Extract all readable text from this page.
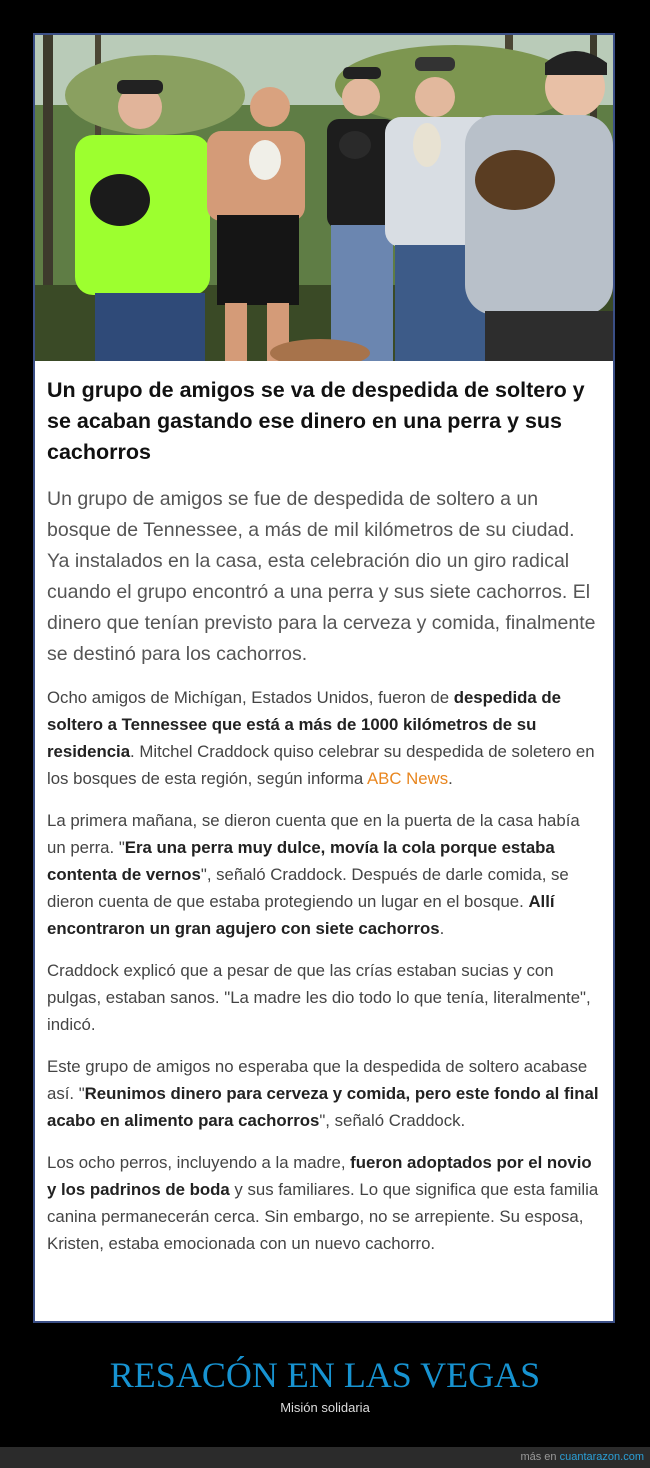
Un grupo de amigos se va de despedida de soltero y se acaban gastando ese dinero en una perra y sus cachorros

Un grupo de amigos se fue de despedida de soltero a un bosque de Tennessee, a más de mil kilómetros de su ciudad. Ya instalados en la casa, esta celebración dio un giro radical cuando el grupo encontró a una perra y sus siete cachorros. El dinero que tenían previsto para la cerveza y comida, finalmente se destinó para los cachorros.

Ocho amigos de Michígan, Estados Unidos, fueron de despedida de soltero a Tennessee que está a más de 1000 kilómetros de su residencia. Mitchel Craddock quiso celebrar su despedida de soletero en los bosques de esta región, según informa ABC News.

La primera mañana, se dieron cuenta que en la puerta de la casa había un perra. "Era una perra muy dulce, movía la cola porque estaba contenta de vernos", señaló Craddock. Después de darle comida, se dieron cuenta de que estaba protegiendo un lugar en el bosque. Allí encontraron un gran agujero con siete cachorros.

Craddock explicó que a pesar de que las crías estaban sucias y con pulgas, estaban sanos. "La madre les dio todo lo que tenía, literalmente", indicó.

Este grupo de amigos no esperaba que la despedida de soltero acabase así. "Reunimos dinero para cerveza y comida, pero este fondo al final acabo en alimento para cachorros", señaló Craddock.

Los ocho perros, incluyendo a la madre, fueron adoptados por el novio y los padrinos de boda y sus familiares. Lo que significa que esta familia canina permanecerán cerca. Sin embargo, no se arrepiente. Su esposa, Kristen, estaba emocionada con un nuevo cachorro.

RESACÓN EN LAS VEGAS
Misión solidaria
más en cuantarazon.com
